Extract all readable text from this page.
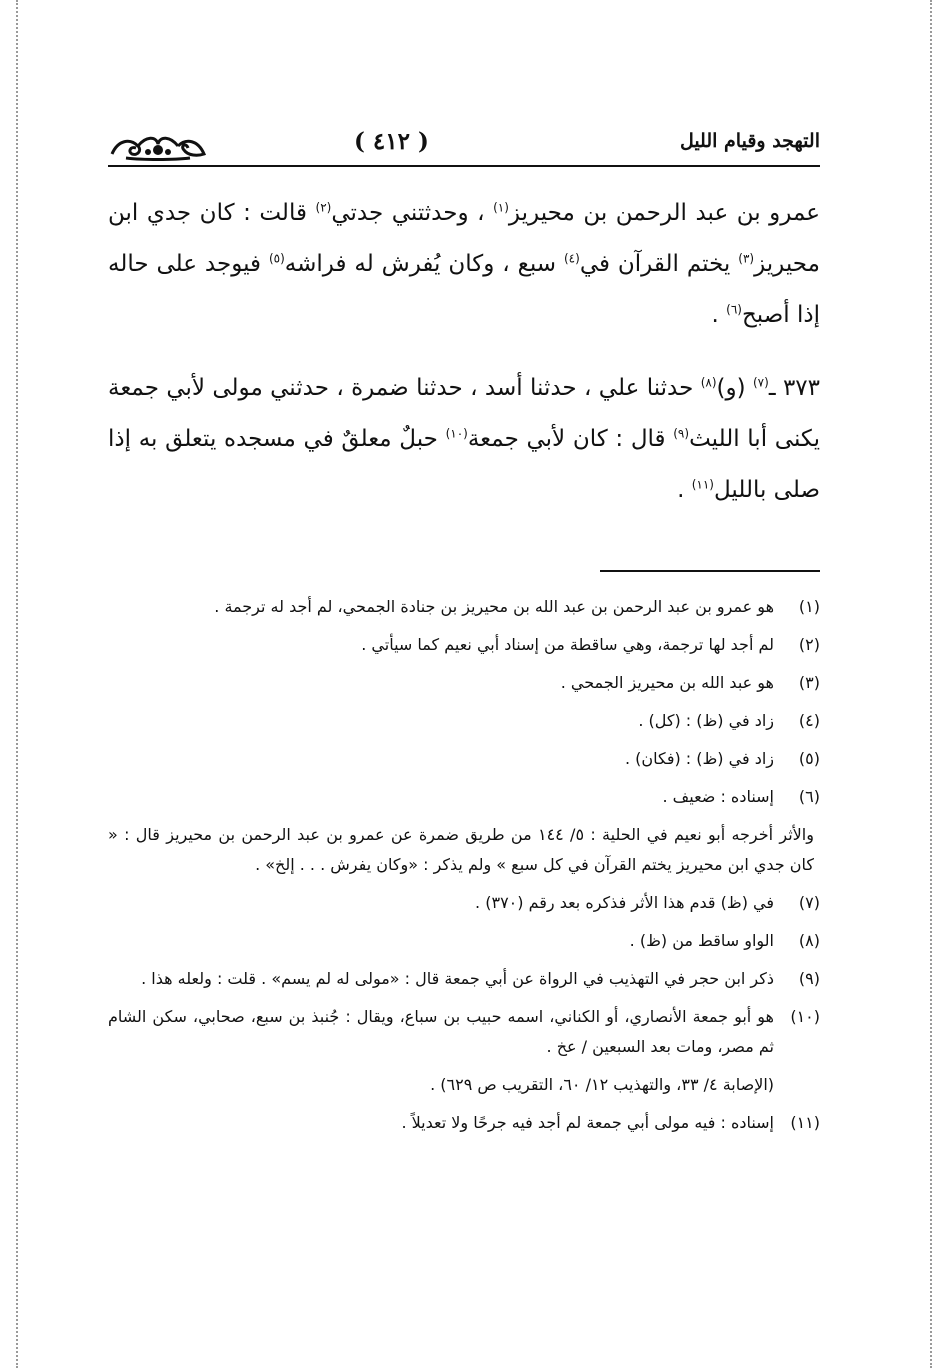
التهجد وقيام الليل
( ٤١٢ )

عمرو بن عبد الرحمن بن محيريز$^{(١)}$ ، وحدثتني جدتي$^{(٢)}$ قالت : كان جدي ابن محيريز$^{(٣)}$ يختم القرآن في$^{(٤)}$ سبع ، وكان يُفرش له فراشه$^{(٥)}$ فيوجد على حاله إذا أصبح$^{(٦)}$ .

٣٧٣ ـ$^{(٧)}$ (و)$^{(٨)}$ حدثنا علي ، حدثنا أسد ، حدثنا ضمرة ، حدثني مولى لأبي جمعة يكنى أبا الليث$^{(٩)}$ قال : كان لأبي جمعة$^{(١٠)}$ حبلٌ معلقٌ في مسجده يتعلق به إذا صلى بالليل$^{(١١)}$ .

(١)
هو عمرو بن عبد الرحمن بن عبد الله بن محيريز بن جنادة الجمحي، لم أجد له ترجمة .
(٢)
لم أجد لها ترجمة، وهي ساقطة من إسناد أبي نعيم كما سيأتي .
(٣)
هو عبد الله بن محيريز الجمحي .
(٤)
زاد في (ظ) : (كل) .
(٥)
زاد في (ظ) : (فكان) .
(٦)
إسناده : ضعيف .
والأثر أخرجه أبو نعيم في الحلية : ٥/ ١٤٤ من طريق ضمرة عن عمرو بن عبد الرحمن بن محيريز قال : « كان جدي ابن محيريز يختم القرآن في كل سبع » ولم يذكر : «وكان يفرش . . . إلخ» .
(٧)
في (ظ) قدم هذا الأثر فذكره بعد رقم (٣٧٠) .
(٨)
الواو ساقط من (ظ) .
(٩)
ذكر ابن حجر في التهذيب في الرواة عن أبي جمعة قال : «مولى له لم يسم» . قلت : ولعله هذا .
(١٠)
هو أبو جمعة الأنصاري، أو الكناني، اسمه حبيب بن سباع، ويقال : جُنبذ بن سبع، صحابي، سكن الشام ثم مصر، ومات بعد السبعين / عخ .
(الإصابة ٤/ ٣٣، والتهذيب ١٢/ ٦٠، التقريب ص ٦٢٩) .
(١١)
إسناده : فيه مولى أبي جمعة لم أجد فيه جرحًا ولا تعديلاً .
